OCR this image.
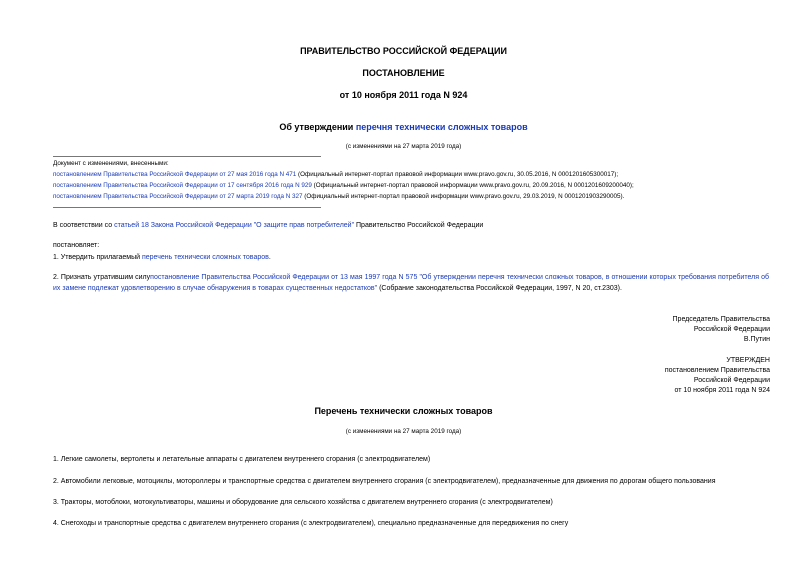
ПРАВИТЕЛЬСТВО РОССИЙСКОЙ ФЕДЕРАЦИИ
ПОСТАНОВЛЕНИЕ
от 10 ноября 2011 года N 924
Об утверждении перечня технически сложных товаров
(с изменениями на 27 марта 2019 года)
Документ с изменениями, внесенными:
постановлением Правительства Российской Федерации от 27 мая 2016 года N 471 (Официальный интернет-портал правовой информации www.pravo.gov.ru, 30.05.2016, N 0001201605300017);
постановлением Правительства Российской Федерации от 17 сентября 2016 года N 929 (Официальный интернет-портал правовой информации www.pravo.gov.ru, 20.09.2016, N 0001201609200040);
постановлением Правительства Российской Федерации от 27 марта 2019 года N 327 (Официальный интернет-портал правовой информации www.pravo.gov.ru, 29.03.2019, N 0001201903290005).
В соответствии со статьей 18 Закона Российской Федерации "О защите прав потребителей" Правительство Российской Федерации
постановляет:
1. Утвердить прилагаемый перечень технически сложных товаров.
2. Признать утратившим силупостановление Правительства Российской Федерации от 13 мая 1997 года N 575 "Об утверждении перечня технически сложных товаров, в отношении которых требования потребителя об их замене подлежат удовлетворению в случае обнаружения в товарах существенных недостатков" (Собрание законодательства Российской Федерации, 1997, N 20, ст.2303).
Председатель Правительства
Российской Федерации
В.Путин
УТВЕРЖДЕН
постановлением Правительства
Российской Федерации
от 10 ноября 2011 года N 924
Перечень технически сложных товаров
(с изменениями на 27 марта 2019 года)
1. Легкие самолеты, вертолеты и летательные аппараты с двигателем внутреннего сгорания (с электродвигателем)
2. Автомобили легковые, мотоциклы, мотороллеры и транспортные средства с двигателем внутреннего сгорания (с электродвигателем), предназначенные для движения по дорогам общего пользования
3. Тракторы, мотоблоки, мотокультиваторы, машины и оборудование для сельского хозяйства с двигателем внутреннего сгорания (с электродвигателем)
4. Снегоходы и транспортные средства с двигателем внутреннего сгорания (с электродвигателем), специально предназначенные для передвижения по снегу
